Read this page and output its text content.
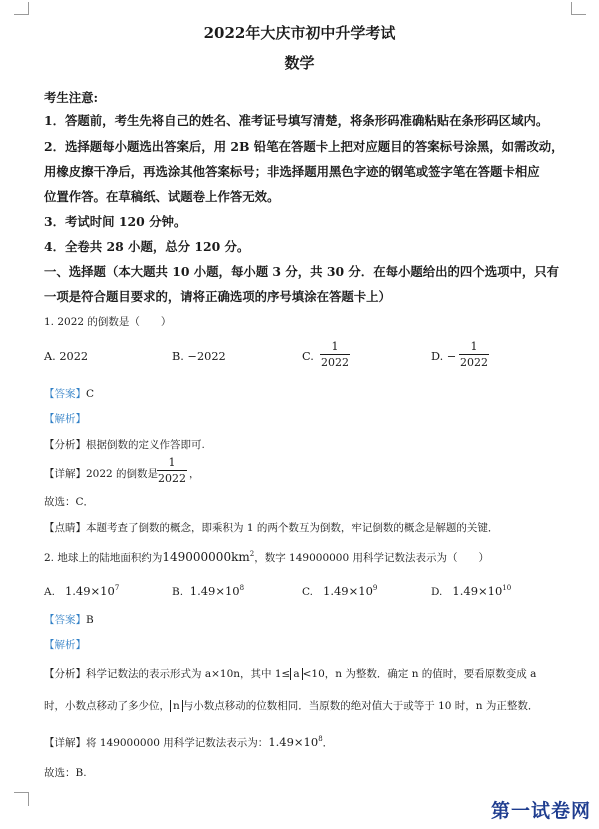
2022年大庆市初中升学考试
数学
考生注意:
1．答题前，考生先将自己的姓名、准考证号填写清楚，将条形码准确粘贴在条形码区域内。
2．选择题每小题选出答案后，用 2B 铅笔在答题卡上把对应题目的答案标号涂黑，如需改动，
用橡皮擦干净后，再选涂其他答案标号；非选择题用黑色字迹的钢笔或签字笔在答题卡相应
位置作答。在草稿纸、试题卷上作答无效。
3．考试时间 120 分钟。
4．全卷共 28 小题，总分 120 分。
一、选择题（本大题共 10 小题，每小题 3 分，共 30 分．在每小题给出的四个选项中，只有
一项是符合题目要求的，请将正确选项的序号填涂在答题卡上）
1. 2022 的倒数是（　　）
A. 2022	B. −2022	C.
1
2022	D. −
1
2022
【答案】C
【解析】
【分析】根据倒数的定义作答即可.
【详解】2022 的倒数是
1
2022 ，
故选：C．
【点睛】本题考查了倒数的概念，即乘积为 1 的两个数互为倒数，牢记倒数的概念是解题的关键．
2. 地球上的陆地面积约为$149000000km^2$，数字 149000000 用科学记数法表示为（　　）
A. $1.49\times 10^7$	B. $1.49\times 10^8$	C. $1.49\times 10^9$	D. $1.49\times 10^{10}$
【答案】B
【解析】
【分析】科学记数法的表示形式为 a×10n，其中 1≤ a <10，n 为整数．确定 n 的值时，要看原数变成 a
时，小数点移动了多少位， n 与小数点移动的位数相同．当原数的绝对值大于或等于 10 时，n 为正整数．
【详解】将 149000000 用科学记数法表示为：$1.49\times 10^8$．
故选：B.
第一试卷网
